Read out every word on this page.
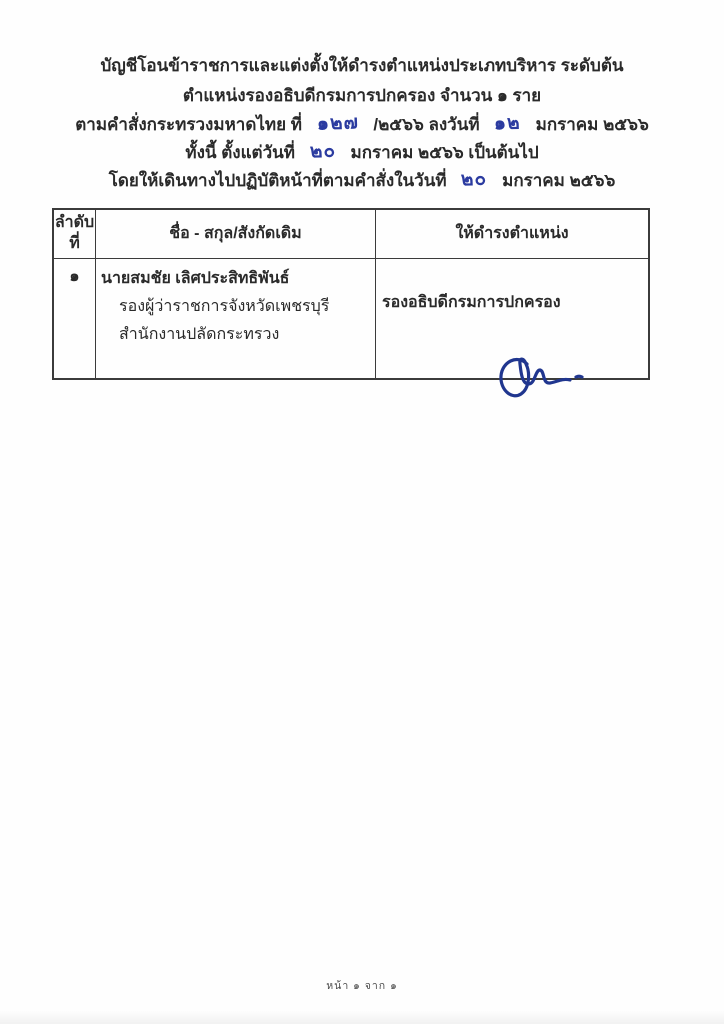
บัญชีโอนข้าราชการและแต่งตั้งให้ดำรงตำแหน่งประเภทบริหาร ระดับต้น
ตำแหน่งรองอธิบดีกรมการปกครอง จำนวน ๑ ราย
ตามคำสั่งกระทรวงมหาดไทย ที่ ๑๒๗ /๒๕๖๖ ลงวันที่ ๑๒ มกราคม ๒๕๖๖
ทั้งนี้ ตั้งแต่วันที่ ๒๐ มกราคม ๒๕๖๖ เป็นต้นไป
โดยให้เดินทางไปปฏิบัติหน้าที่ตามคำสั่งในวันที่ ๒๐ มกราคม ๒๕๖๖
ลำดับ
ที่
ชื่อ - สกุล/สังกัดเดิม	ให้ดำรงตำแหน่ง
๑	นายสมชัย เลิศประสิทธิพันธ์
รองผู้ว่าราชการจังหวัดเพชรบุรี
สำนักงานปลัดกระทรวง
รองอธิบดีกรมการปกครอง
หน้า ๑ จาก ๑
